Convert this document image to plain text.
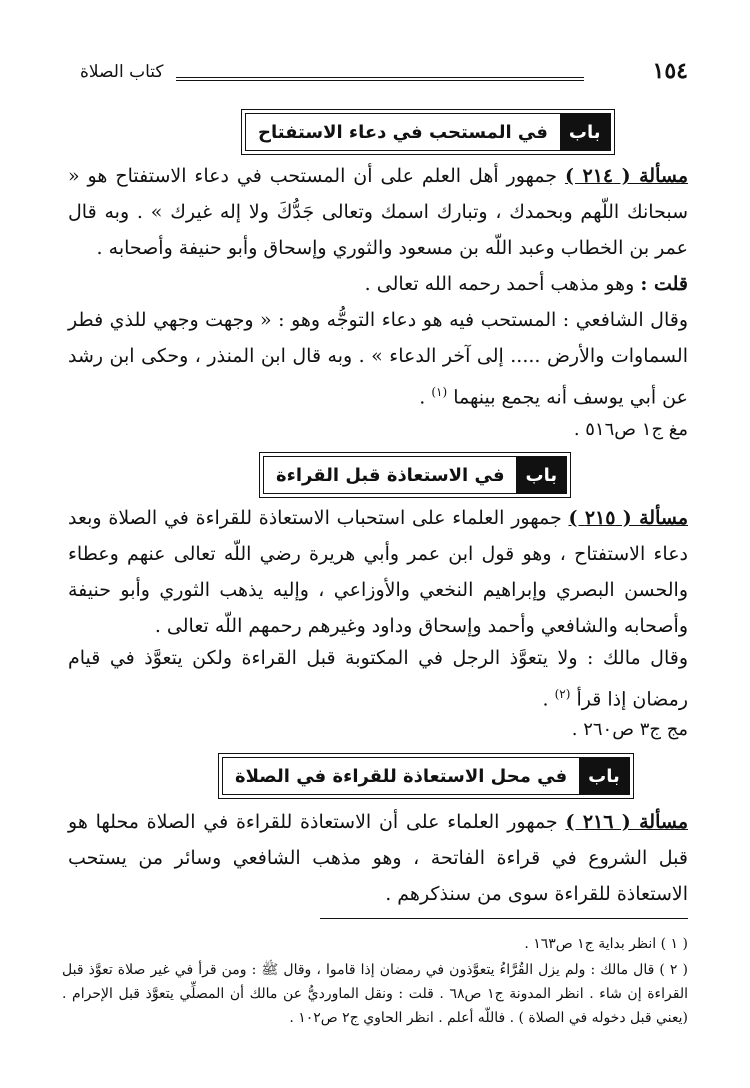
كتاب الصلاة	١٥٤
باب
في المستحب في دعاء الاستفتاح
مسألة ( ٢١٤ ) جمهور أهل العلم على أن المستحب في دعاء الاستفتاح هو « سبحانك اللّهم وبحمدك ، وتبارك اسمك وتعالى جَدُّكَ ولا إله غيرك » . وبه قال عمر بن الخطاب وعبد اللّه بن مسعود والثوري وإسحاق وأبو حنيفة وأصحابه .
قلت : وهو مذهب أحمد رحمه الله تعالى .
وقال الشافعي : المستحب فيه هو دعاء التوجُّه وهو : « وجهت وجهي للذي فطر السماوات والأرض ..... إلى آخر الدعاء » . وبه قال ابن المنذر ، وحكى ابن رشد عن أبي يوسف أنه يجمع بينهما $^{(١)}$ .
مغ ج١ ص٥١٦ .
باب
في الاستعاذة قبل القراءة
مسألة ( ٢١٥ ) جمهور العلماء على استحباب الاستعاذة للقراءة في الصلاة وبعد دعاء الاستفتاح ، وهو قول ابن عمر وأبي هريرة رضي اللّه تعالى عنهم وعطاء والحسن البصري وإبراهيم النخعي والأوزاعي ، وإليه يذهب الثوري وأبو حنيفة وأصحابه والشافعي وأحمد وإسحاق وداود وغيرهم رحمهم اللّه تعالى .
وقال مالك : ولا يتعوَّذ الرجل في المكتوبة قبل القراءة ولكن يتعوَّذ في قيام رمضان إذا قرأ $^{(٢)}$ .
مج ج٣ ص٢٦٠ .
باب
في محل الاستعاذة للقراءة في الصلاة
مسألة ( ٢١٦ ) جمهور العلماء على أن الاستعاذة للقراءة في الصلاة محلها هو قبل الشروع في قراءة الفاتحة ، وهو مذهب الشافعي وسائر من يستحب الاستعاذة للقراءة سوى من سنذكرهم .
( ١ ) انظر بداية ج١ ص١٦٣ .
( ٢ ) قال مالك : ولم يزل القُرَّاءُ يتعوَّذون في رمضان إذا قاموا ، وقال ﷺ : ومن قرأ في غير صلاة تعوَّذ قبل القراءة إن شاء . انظر المدونة ج١ ص٦٨ . قلت : ونقل الماورديُّ عن مالك أن المصلِّي يتعوَّذ قبل الإحرام . (يعني قبل دخوله في الصلاة ) . فاللّه أعلم . انظر الحاوي ج٢ ص١٠٢ .
